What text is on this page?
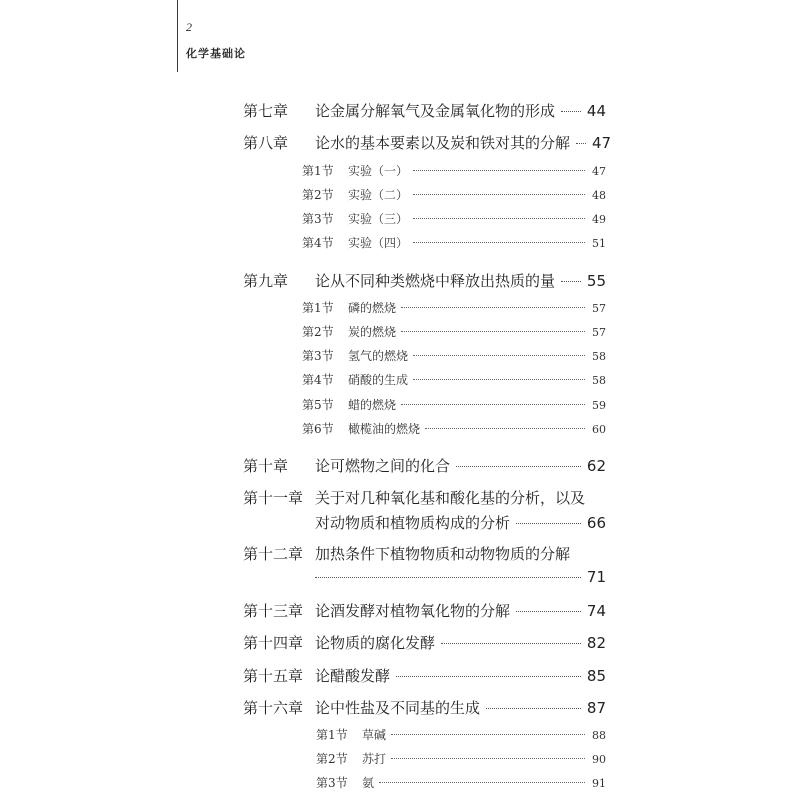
2
化学基础论
第七章	论金属分解氧气及金属氧化物的形成 44
第八章	论水的基本要素以及炭和铁对其的分解 47
第1节	实验（一）	47
第2节	实验（二）	48
第3节	实验（三）	49
第4节	实验（四）	51
第九章	论从不同种类燃烧中释放出热质的量 55
第1节	磷的燃烧	57
第2节	炭的燃烧	57
第3节	氢气的燃烧	58
第4节	硝酸的生成	58
第5节	蜡的燃烧	59
第6节	橄榄油的燃烧	60
第十章	论可燃物之间的化合	62
第十一章 关于对几种氧化基和酸化基的分析，以及
对动物质和植物质构成的分析	66
第十二章 加热条件下植物物质和动物物质的分解
71
第十三章 论酒发酵对植物氧化物的分解	74
第十四章 论物质的腐化发酵	82
第十五章 论醋酸发酵	85
第十六章 论中性盐及不同基的生成	87
第1节	草碱	88
第2节	苏打	90
第3节	氨	91
